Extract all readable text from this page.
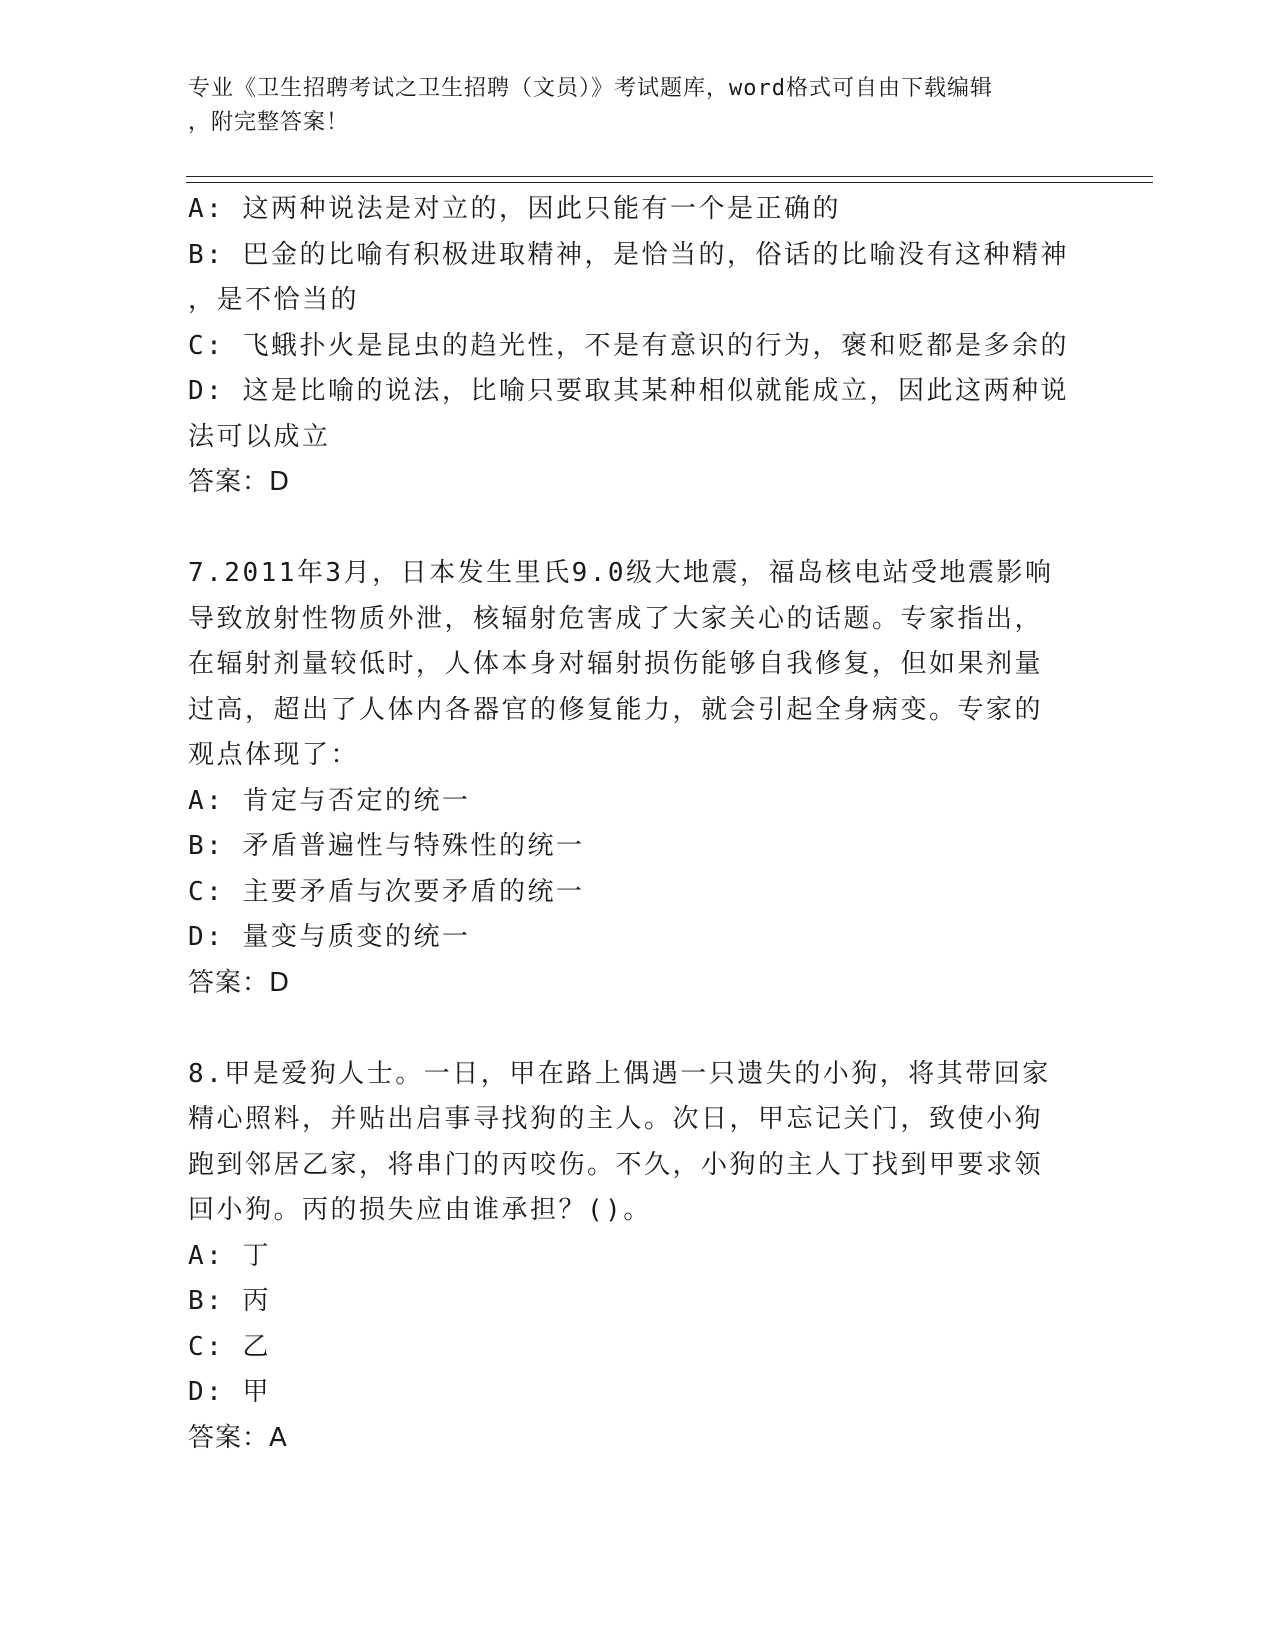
专业《卫生招聘考试之卫生招聘（文员）》考试题库，word格式可自由下载编辑
，附完整答案！
A: 这两种说法是对立的，因此只能有一个是正确的
B: 巴金的比喻有积极进取精神，是恰当的，俗话的比喻没有这种精神
，是不恰当的
C: 飞蛾扑火是昆虫的趋光性，不是有意识的行为，褒和贬都是多余的
D: 这是比喻的说法，比喻只要取其某种相似就能成立，因此这两种说
法可以成立
答案：D
7.2011年3月，日本发生里氏9.0级大地震，福岛核电站受地震影响
导致放射性物质外泄，核辐射危害成了大家关心的话题。专家指出，
在辐射剂量较低时，人体本身对辐射损伤能够自我修复，但如果剂量
过高，超出了人体内各器官的修复能力，就会引起全身病变。专家的
观点体现了：
A: 肯定与否定的统一
B: 矛盾普遍性与特殊性的统一
C: 主要矛盾与次要矛盾的统一
D: 量变与质变的统一
答案：D
8.甲是爱狗人士。一日，甲在路上偶遇一只遗失的小狗，将其带回家
精心照料，并贴出启事寻找狗的主人。次日，甲忘记关门，致使小狗
跑到邻居乙家，将串门的丙咬伤。不久，小狗的主人丁找到甲要求领
回小狗。丙的损失应由谁承担？()。
A: 丁
B: 丙
C: 乙
D: 甲
答案：A
